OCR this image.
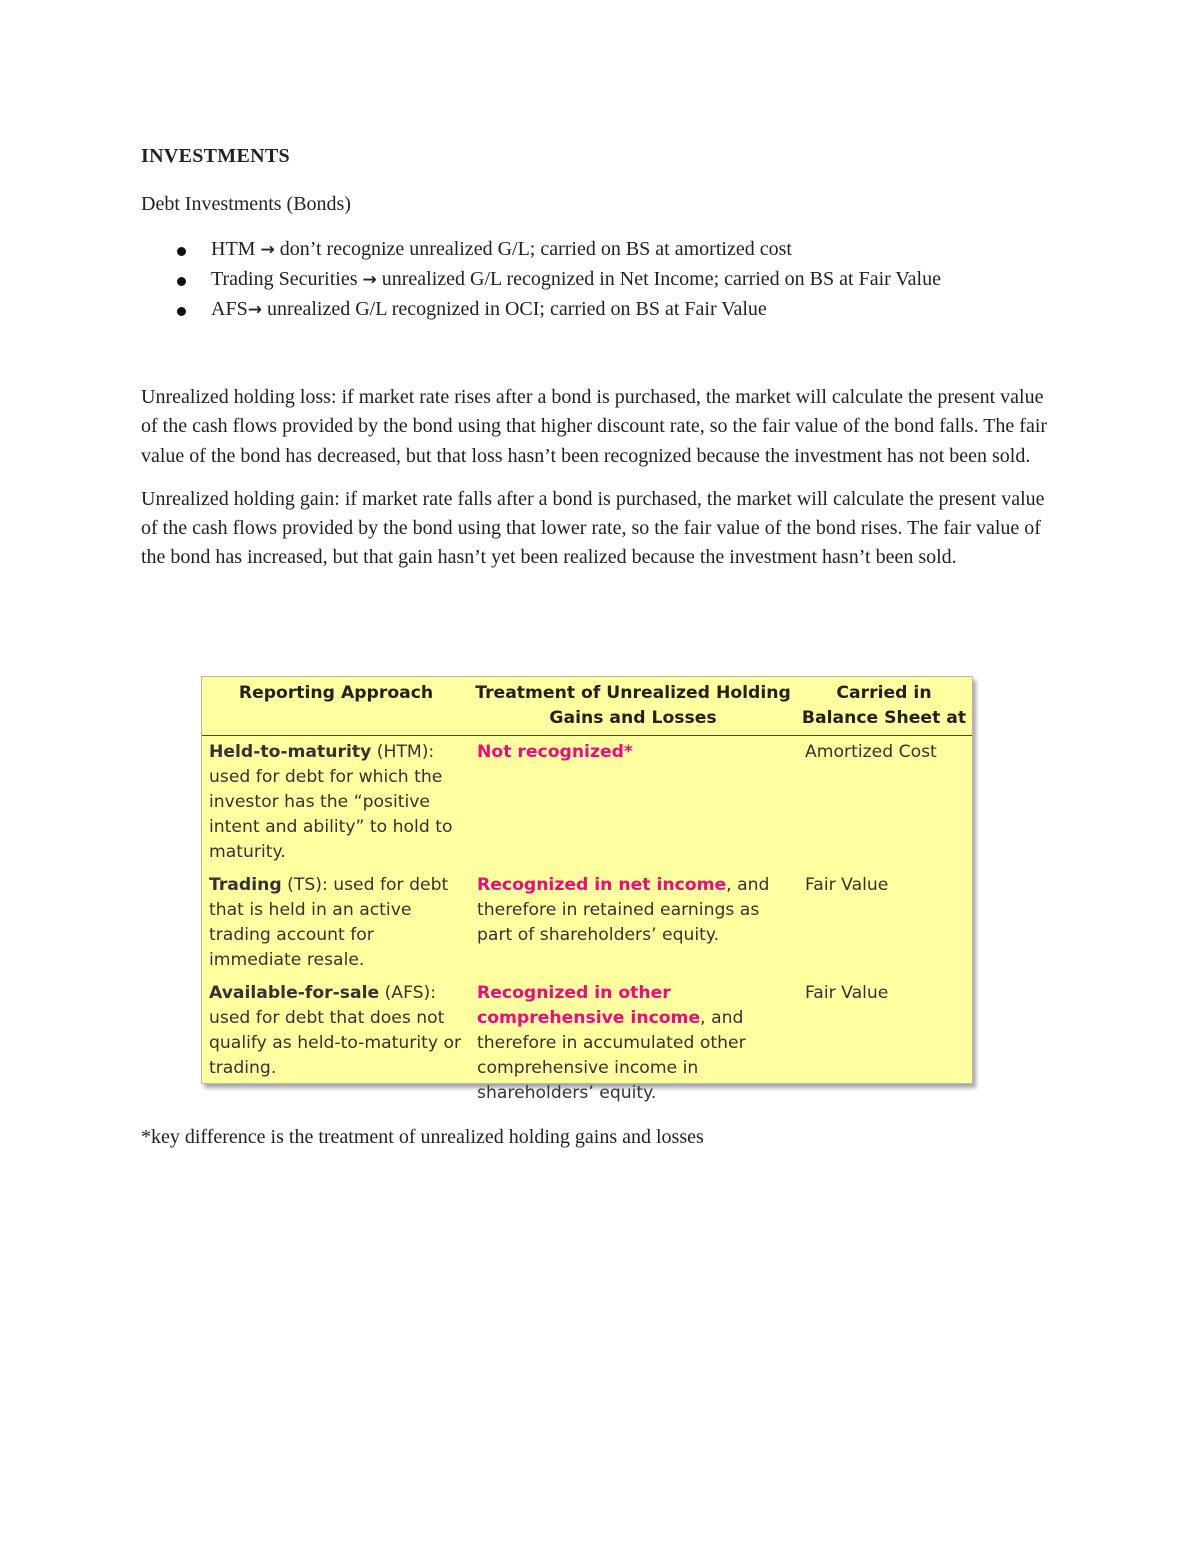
INVESTMENTS
Debt Investments (Bonds)
HTM → don’t recognize unrealized G/L; carried on BS at amortized cost
Trading Securities → unrealized G/L recognized in Net Income; carried on BS at Fair Value
AFS→ unrealized G/L recognized in OCI; carried on BS at Fair Value

Unrealized holding loss: if market rate rises after a bond is purchased, the market will calculate the present value of the cash flows provided by the bond using that higher discount rate, so the fair value of the bond falls. The fair value of the bond has decreased, but that loss hasn’t been recognized because the investment has not been sold.

Unrealized holding gain: if market rate falls after a bond is purchased, the market will calculate the present value of the cash flows provided by the bond using that lower rate, so the fair value of the bond rises. The fair value of the bond has increased, but that gain hasn’t yet been realized because the investment hasn’t been sold.

Reporting Approach	Treatment of Unrealized Holding Gains and Losses
Carried in Balance Sheet at
Held-to-maturity (HTM): used for debt for which the investor has the “positive intent and ability” to hold to maturity.
Not recognized*	Amortized Cost
Trading (TS): used for debt that is held in an active trading account for immediate resale.
Recognized in net income, and therefore in retained earnings as part of shareholders’ equity.
Fair Value
Available-for-sale (AFS): used for debt that does not qualify as held-to-maturity or trading.
Recognized in other comprehensive income, and therefore in accumulated other comprehensive income in shareholders’ equity.
Fair Value
*key difference is the treatment of unrealized holding gains and losses
